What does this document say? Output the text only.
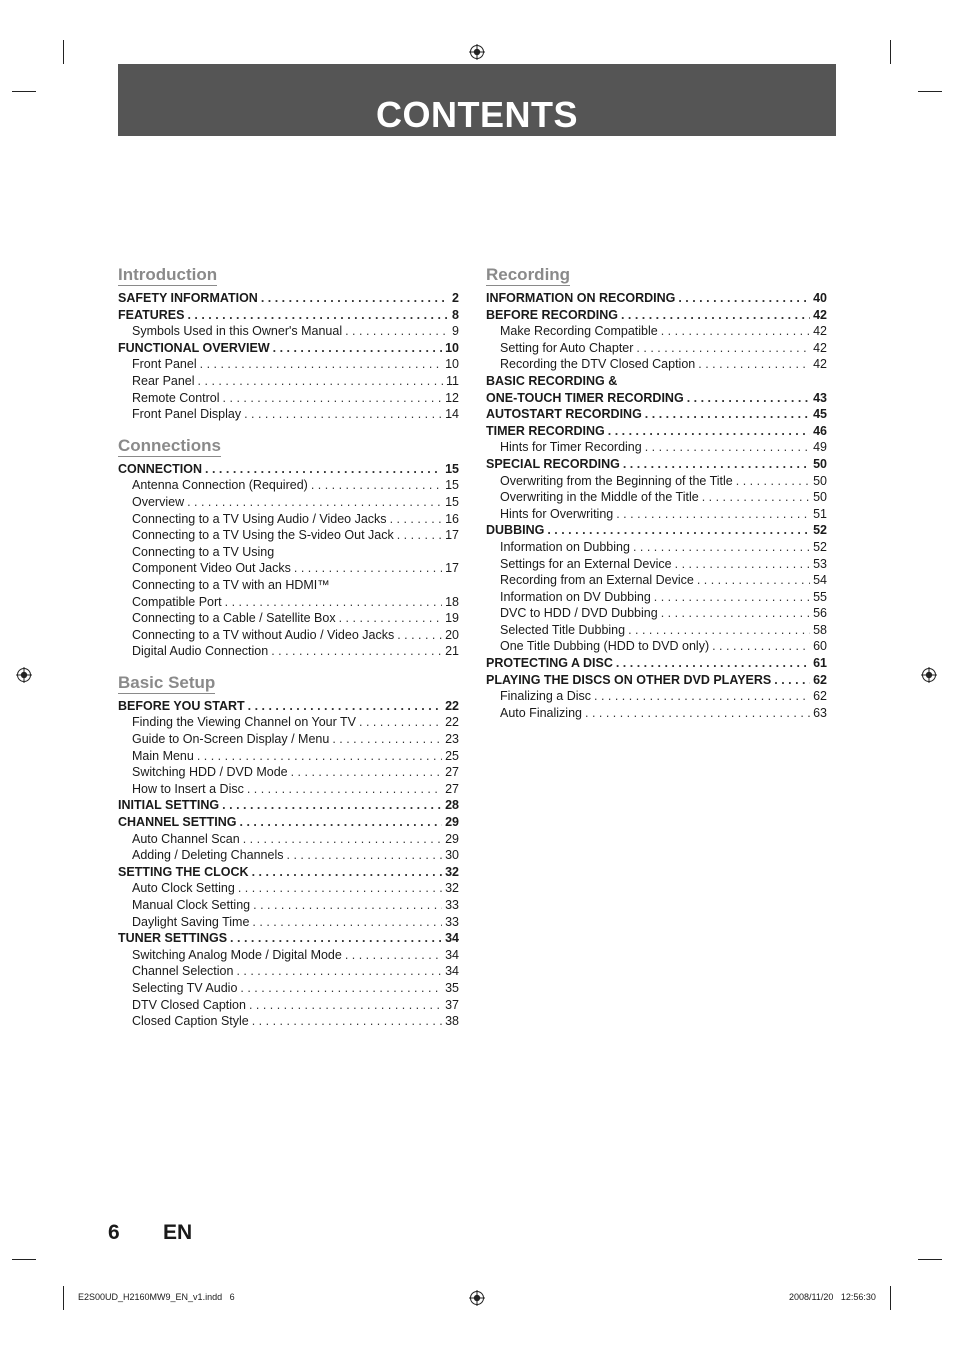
CONTENTS
Introduction
SAFETY INFORMATION . . .	2
FEATURES . . .	8
Symbols Used in this Owner's Manual . . .	9
FUNCTIONAL OVERVIEW . . .	10
Front Panel . . .	10
Rear Panel . . .	11
Remote Control . . .	12
Front Panel Display . . .	14
Connections
CONNECTION . . .	15
Antenna Connection (Required) . . .	15
Overview . . .	15
Connecting to a TV Using Audio / Video Jacks . . .	16
Connecting to a TV Using the S-video Out Jack . . .	17
Connecting to a TV Using
Component Video Out Jacks . . .	17
Connecting to a TV with an HDMI™
Compatible Port . . .	18
Connecting to a Cable / Satellite Box . . .	19
Connecting to a TV without Audio / Video Jacks . . .	20
Digital Audio Connection . . .	21
Basic Setup
BEFORE YOU START . . .	22
Finding the Viewing Channel on Your TV . . .	22
Guide to On-Screen Display / Menu . . .	23
Main Menu . . .	25
Switching HDD / DVD Mode . . .	27
How to Insert a Disc . . .	27
INITIAL SETTING . . .	28
CHANNEL SETTING . . .	29
Auto Channel Scan . . .	29
Adding / Deleting Channels . . .	30
SETTING THE CLOCK . . .	32
Auto Clock Setting . . .	32
Manual Clock Setting . . .	33
Daylight Saving Time . . .	33
TUNER SETTINGS . . .	34
Switching Analog Mode / Digital Mode . . .	34
Channel Selection . . .	34
Selecting TV Audio . . .	35
DTV Closed Caption . . .	37
Closed Caption Style . . .	38
Recording
INFORMATION ON RECORDING . . .	40
BEFORE RECORDING . . .	42
Make Recording Compatible . . .	42
Setting for Auto Chapter . . .	42
Recording the DTV Closed Caption . . .	42
BASIC RECORDING &
ONE-TOUCH TIMER RECORDING . . .	43
AUTOSTART RECORDING . . .	45
TIMER RECORDING . . .	46
Hints for Timer Recording . . .	49
SPECIAL RECORDING . . .	50
Overwriting from the Beginning of the Title . . .	50
Overwriting in the Middle of the Title . . .	50
Hints for Overwriting . . .	51
DUBBING . . .	52
Information on Dubbing . . .	52
Settings for an External Device . . .	53
Recording from an External Device . . .	54
Information on DV Dubbing . . .	55
DVC to HDD / DVD Dubbing . . .	56
Selected Title Dubbing . . .	58
One Title Dubbing (HDD to DVD only) . . .	60
PROTECTING A DISC . . .	61
PLAYING THE DISCS ON OTHER DVD PLAYERS . . .	62
Finalizing a Disc . . .	62
Auto Finalizing . . .	63
6 EN
E2S00UD_H2160MW9_EN_v1.indd   6	2008/11/20   12:56:30
